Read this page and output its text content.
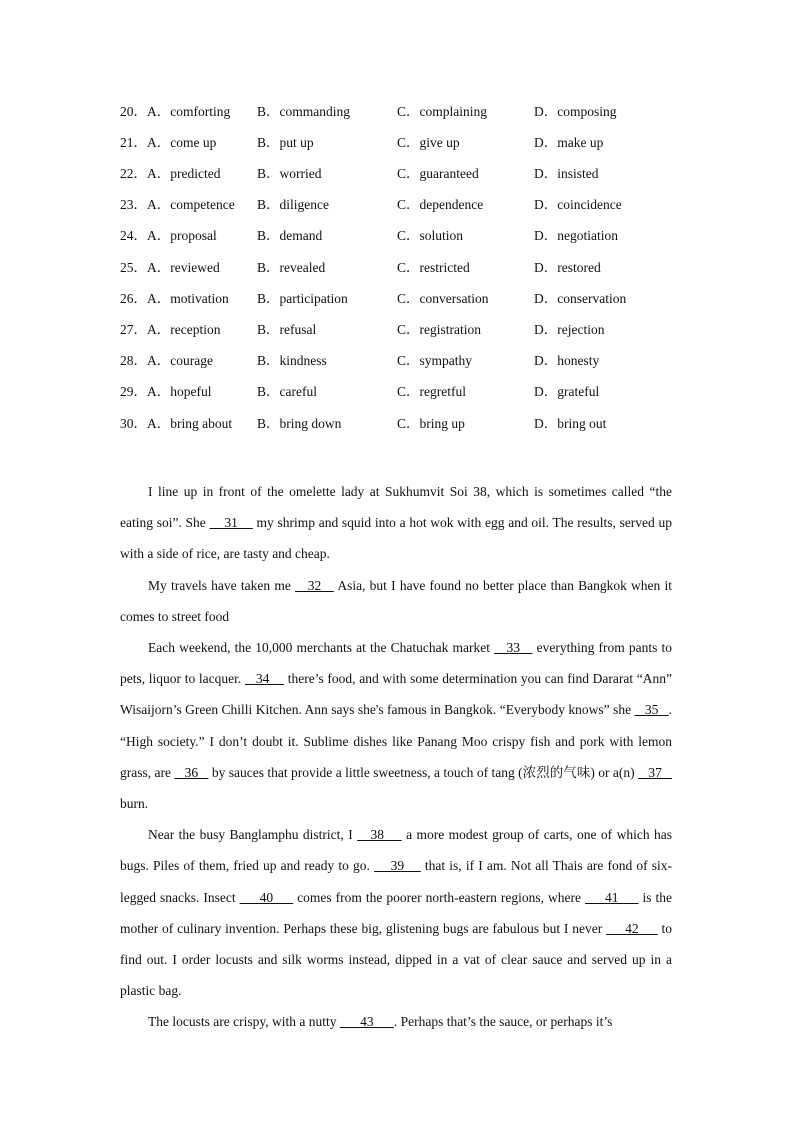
20．A．comforting B．commanding	C．complaining	D．composing
21．A．come up	B．put up	C．give up	D．make up
22．A．predicted	B．worried	C．guaranteed	D．insisted
23．A．competence B．diligence	C．dependence	D．coincidence
24．A．proposal	B．demand	C．solution	D．negotiation
25．A．reviewed	B．revealed	C．restricted	D．restored
26．A．motivation B．participation	C．conversation	D．conservation
27．A．reception	B．refusal	C．registration	D．rejection
28．A．courage	B．kindness	C．sympathy	D．honesty
29．A．hopeful	B．careful	C．regretful	D．grateful
30．A．bring about B．bring down	C．bring up	D．bring out

I line up in front of the omelette lady at Sukhumvit Soi 38, which is sometimes called “the eating soi”. She     31     my shrimp and squid into a hot wok with egg and oil. The results, served up with a side of rice, are tasty and cheap.

My travels have taken me    32    Asia, but I have found no better place than Bangkok when it comes to street food

Each weekend, the 10,000 merchants at the Chatuchak market    33    everything from pants to pets, liquor to lacquer.    34     there’s food, and with some determination you can find Dararat “Ann” Wisaijorn’s Green Chilli Kitchen. Ann says she's famous in Bangkok. “Everybody knows” she    35   . “High society.” I don’t doubt it. Sublime dishes like Panang Moo crispy fish and pork with lemon grass, are    36    by sauces that provide a little sweetness, a touch of tang (浓烈的气味) or a(n)    37    burn.

Near the busy Banglamphu district, I    38     a more modest group of carts, one of which has bugs. Piles of them, fried up and ready to go.     39     that is, if I am. Not all Thais are fond of six-legged snacks. Insect      40      comes from the poorer north-eastern regions, where      41      is the mother of culinary invention. Perhaps these big, glistening bugs are fabulous but I never      42      to find out. I order locusts and silk worms instead, dipped in a vat of clear sauce and served up in a plastic bag.

The locusts are crispy, with a nutty       43      . Perhaps that’s the sauce, or perhaps it’s
